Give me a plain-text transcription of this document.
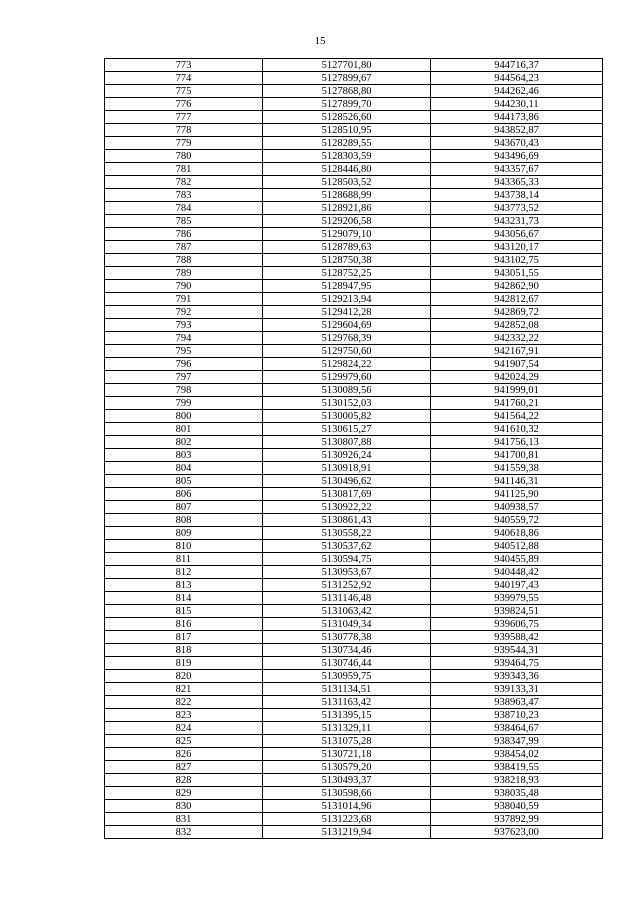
15
773	5127701,80	944716,37
774	5127899,67	944564,23
775	5127868,80	944262,46
776	5127899,70	944230,11
777	5128526,60	944173,86
778	5128510,95	943852,87
779	5128289,55	943670,43
780	5128303,59	943496,69
781	5128446,80	943357,67
782	5128503,52	943365,33
783	5128688,99	943738,14
784	5128921,86	943773,52
785	5129206,58	943231,73
786	5129079,10	943056,67
787	5128789,63	943120,17
788	5128750,38	943102,75
789	5128752,25	943051,55
790	5128947,95	942862,90
791	5129213,94	942812,67
792	5129412,28	942869,72
793	5129604,69	942852,08
794	5129768,39	942332,22
795	5129750,60	942167,91
796	5129824,22	941907,54
797	5129979,60	942024,29
798	5130089,56	941999,01
799	5130152,03	941760,21
800	5130005,82	941564,22
801	5130615,27	941610,32
802	5130807,88	941756,13
803	5130926,24	941700,81
804	5130918,91	941559,38
805	5130496,62	941146,31
806	5130817,69	941125,90
807	5130922,22	940938,57
808	5130861,43	940559,72
809	5130558,22	940618,86
810	5130537,62	940512,88
811	5130594,75	940455,89
812	5130953,67	940448,42
813	5131252,92	940197,43
814	5131146,48	939979,55
815	5131063,42	939824,51
816	5131049,34	939606,75
817	5130778,38	939588,42
818	5130734,46	939544,31
819	5130746,44	939464,75
820	5130959,75	939343,36
821	5131134,51	939133,31
822	5131163,42	938963,47
823	5131395,15	938710,23
824	5131329,11	938464,67
825	5131075,28	938347,99
826	5130721,18	938454,02
827	5130579,20	938419,55
828	5130493,37	938218,93
829	5130598,66	938035,48
830	5131014,96	938040,59
831	5131223,68	937892,99
832	5131219,94	937623,00
